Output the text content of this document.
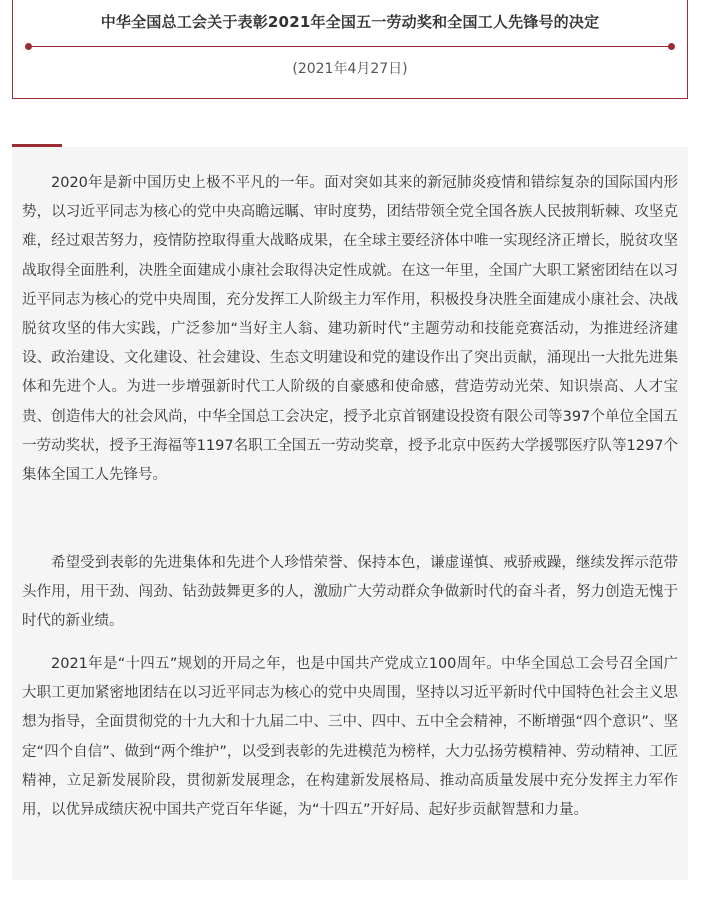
中华全国总工会关于表彰2021年全国五一劳动奖和全国工人先锋号的决定
(2021年4月27日)

2020年是新中国历史上极不平凡的一年。面对突如其来的新冠肺炎疫情和错综复杂的国际国内形势，以习近平同志为核心的党中央高瞻远瞩、审时度势，团结带领全党全国各族人民披荆斩棘、攻坚克难，经过艰苦努力，疫情防控取得重大战略成果，在全球主要经济体中唯一实现经济正增长，脱贫攻坚战取得全面胜利，决胜全面建成小康社会取得决定性成就。在这一年里，全国广大职工紧密团结在以习近平同志为核心的党中央周围，充分发挥工人阶级主力军作用，积极投身决胜全面建成小康社会、决战脱贫攻坚的伟大实践，广泛参加“当好主人翁、建功新时代”主题劳动和技能竞赛活动，为推进经济建设、政治建设、文化建设、社会建设、生态文明建设和党的建设作出了突出贡献，涌现出一大批先进集体和先进个人。为进一步增强新时代工人阶级的自豪感和使命感，营造劳动光荣、知识崇高、人才宝贵、创造伟大的社会风尚，中华全国总工会决定，授予北京首钢建设投资有限公司等397个单位全国五一劳动奖状，授予王海福等1197名职工全国五一劳动奖章，授予北京中医药大学援鄂医疗队等1297个集体全国工人先锋号。

希望受到表彰的先进集体和先进个人珍惜荣誉、保持本色，谦虚谨慎、戒骄戒躁，继续发挥示范带头作用，用干劲、闯劲、钻劲鼓舞更多的人，激励广大劳动群众争做新时代的奋斗者，努力创造无愧于时代的新业绩。

2021年是“十四五”规划的开局之年，也是中国共产党成立100周年。中华全国总工会号召全国广大职工更加紧密地团结在以习近平同志为核心的党中央周围，坚持以习近平新时代中国特色社会主义思想为指导，全面贯彻党的十九大和十九届二中、三中、四中、五中全会精神，不断增强“四个意识”、坚定“四个自信”、做到“两个维护”，以受到表彰的先进模范为榜样，大力弘扬劳模精神、劳动精神、工匠精神，立足新发展阶段，贯彻新发展理念，在构建新发展格局、推动高质量发展中充分发挥主力军作用，以优异成绩庆祝中国共产党百年华诞，为“十四五”开好局、起好步贡献智慧和力量。
